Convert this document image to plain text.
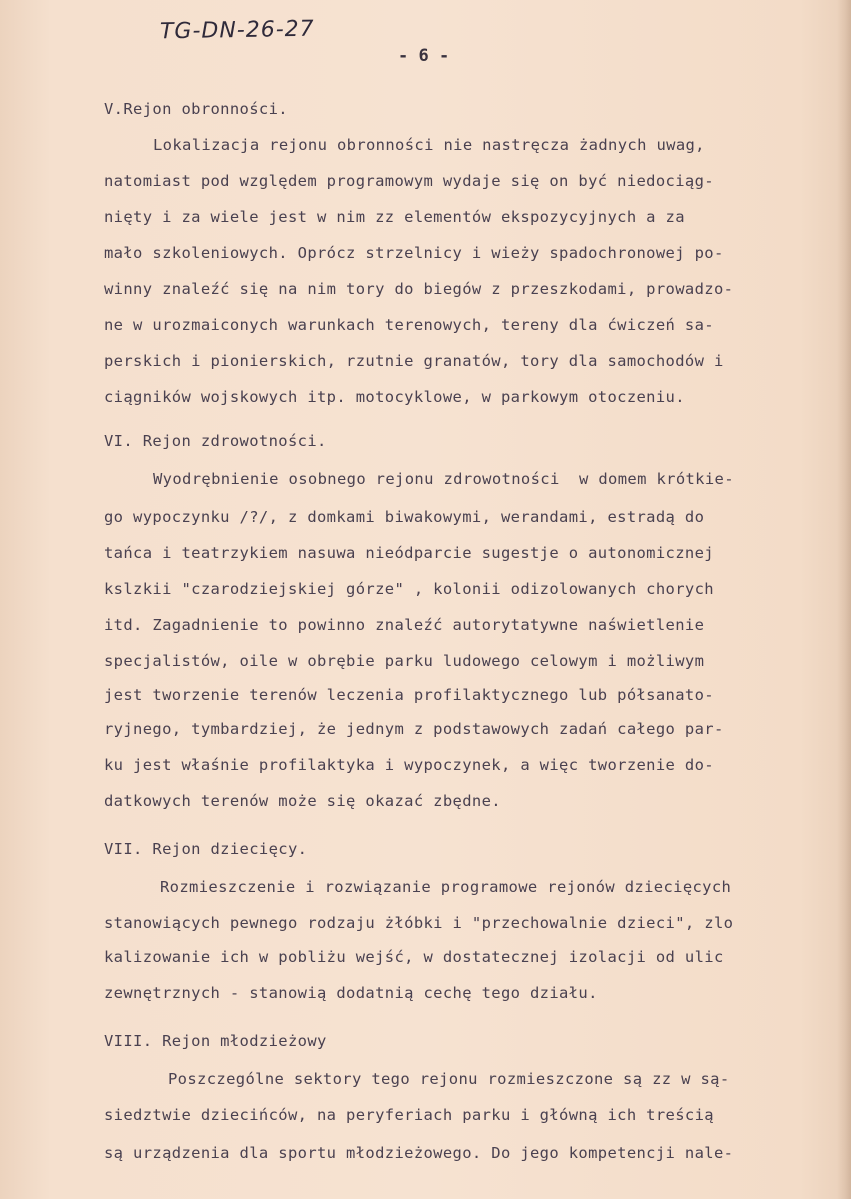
TG-DN-26-27
- 6 -
V.Rejon obronności.
Lokalizacja rejonu obronności nie nastręcza żadnych uwag,
natomiast pod względem programowym wydaje się on być niedociąg-
nięty i za wiele jest w nim zz elementów ekspozycyjnych a za
mało szkoleniowych. Oprócz strzelnicy i wieży spadochronowej po-
winny znaleźć się na nim tory do biegów z przeszkodami, prowadzo-
ne w urozmaiconych warunkach terenowych, tereny dla ćwiczeń sa-
perskich i pionierskich, rzutnie granatów, tory dla samochodów i
ciągników wojskowych itp. motocyklowe, w parkowym otoczeniu.
VI. Rejon zdrowotności.
Wyodrębnienie osobnego rejonu zdrowotności  w domem krótkie-
go wypoczynku /?/, z domkami biwakowymi, werandami, estradą do
tańca i teatrzykiem nasuwa nieódparcie sugestje o autonomicznej
kslzkii "czarodziejskiej górze" , kolonii odizolowanych chorych
itd. Zagadnienie to powinno znaleźć autorytatywne naświetlenie
specjalistów, oile w obrębie parku ludowego celowym i możliwym
jest tworzenie terenów leczenia profilaktycznego lub półsanato-
ryjnego, tymbardziej, że jednym z podstawowych zadań całego par-
ku jest właśnie profilaktyka i wypoczynek, a więc tworzenie do-
datkowych terenów może się okazać zbędne.
VII. Rejon dziecięcy.
Rozmieszczenie i rozwiązanie programowe rejonów dziecięcych
stanowiących pewnego rodzaju żłóbki i "przechowalnie dzieci", zlo
kalizowanie ich w pobliżu wejść, w dostatecznej izolacji od ulic
zewnętrznych - stanowią dodatnią cechę tego działu.
VIII. Rejon młodzieżowy
Poszczególne sektory tego rejonu rozmieszczone są zz w są-
siedztwie dziecińców, na peryferiach parku i główną ich treścią
są urządzenia dla sportu młodzieżowego. Do jego kompetencji nale-
